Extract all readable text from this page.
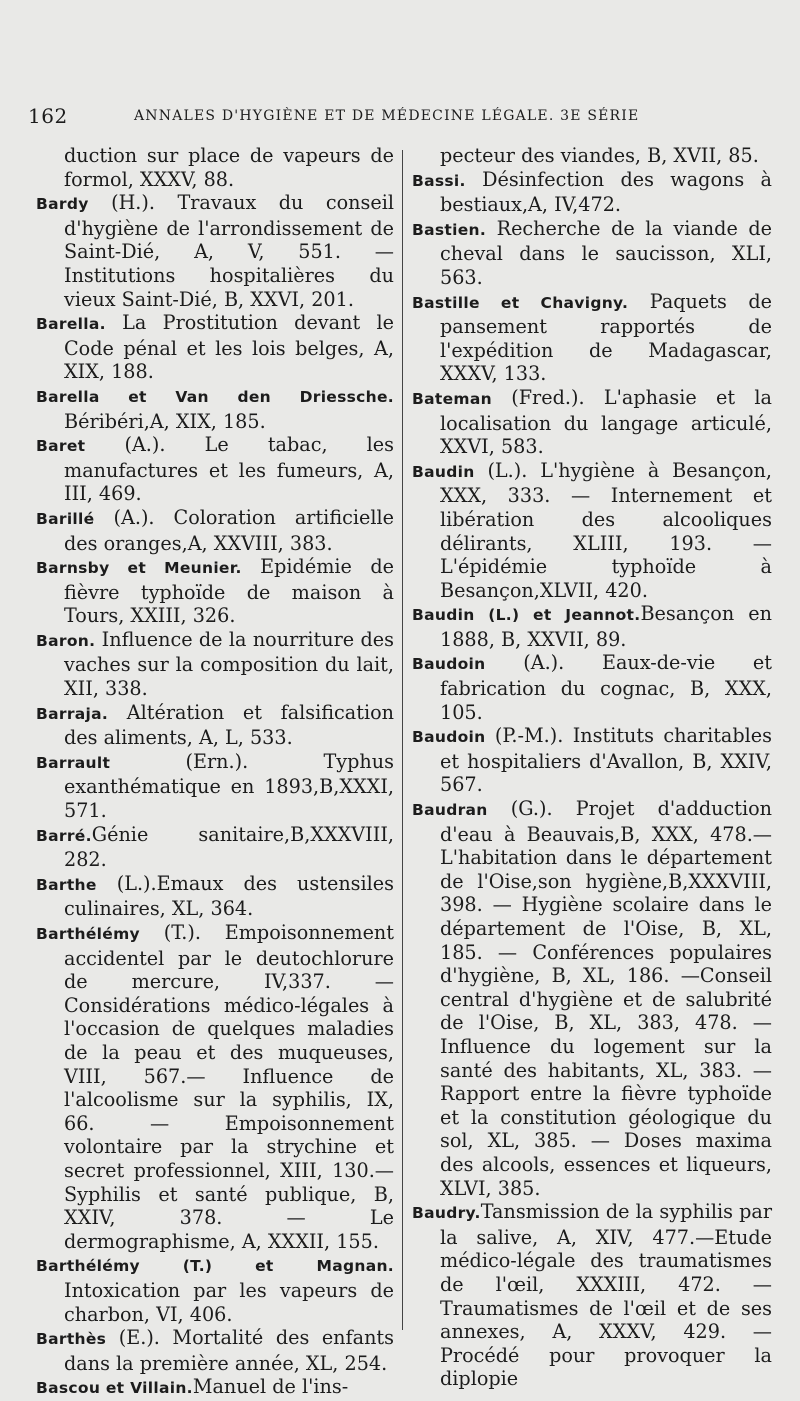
162	ANNALES D'HYGIÈNE ET DE MÉDECINE LÉGALE. 3E SÉRIE
duction sur place de vapeurs de formol, XXXV, 88.
Bardy (H.). Travaux du conseil d'hygiène de l'arrondissement de Saint-Dié, A, V, 551. — Institutions hospitalières du vieux Saint-Dié, B, XXVI, 201.
Barella. La Prostitution devant le Code pénal et les lois belges, A, XIX, 188.
Barella et Van den Driessche. Béribéri,A, XIX, 185.
Baret (A.). Le tabac, les manufactures et les fumeurs, A, III, 469.
Barillé (A.). Coloration artificielle des oranges,A, XXVIII, 383.
Barnsby et Meunier. Epidémie de fièvre typhoïde de maison à Tours, XXIII, 326.
Baron. Influence de la nourriture des vaches sur la composition du lait, XII, 338.
Barraja. Altération et falsification des aliments, A, L, 533.
Barrault (Ern.). Typhus exanthématique en 1893,B,XXXI, 571.
Barré.Génie sanitaire,B,XXXVIII, 282.
Barthe (L.).Emaux des ustensiles culinaires, XL, 364.
Barthélémy (T.). Empoisonnement accidentel par le deutochlorure de mercure, IV,337. — Considérations médico-légales à l'occasion de quelques maladies de la peau et des muqueuses, VIII, 567.— Influence de l'alcoolisme sur la syphilis, IX, 66. — Empoisonnement volontaire par la strychine et secret professionnel, XIII, 130.— Syphilis et santé publique, B, XXIV, 378. — Le dermographisme, A, XXXII, 155.
Barthélémy (T.) et Magnan. Intoxication par les vapeurs de charbon, VI, 406.
Barthès (E.). Mortalité des enfants dans la première année, XL, 254.
Bascou et Villain.Manuel de l'ins-
pecteur des viandes, B, XVII, 85.
Bassi. Désinfection des wagons à bestiaux,A, IV,472.
Bastien. Recherche de la viande de cheval dans le saucisson, XLI, 563.
Bastille et Chavigny. Paquets de pansement rapportés de l'expédition de Madagascar, XXXV, 133.
Bateman (Fred.). L'aphasie et la localisation du langage articulé, XXVI, 583.
Baudin (L.). L'hygiène à Besançon, XXX, 333. — Internement et libération des alcooliques délirants, XLIII, 193. —L'épidémie typhoïde à Besançon,XLVII, 420.
Baudin (L.) et Jeannot.Besançon en 1888, B, XXVII, 89.
Baudoin (A.). Eaux-de-vie et fabrication du cognac, B, XXX, 105.
Baudoin (P.-M.). Instituts charitables et hospitaliers d'Avallon, B, XXIV, 567.
Baudran (G.). Projet d'adduction d'eau à Beauvais,B, XXX, 478.— L'habitation dans le département de l'Oise,son hygiène,B,XXXVIII, 398. — Hygiène scolaire dans le département de l'Oise, B, XL, 185. — Conférences populaires d'hygiène, B, XL, 186. —Conseil central d'hygiène et de salubrité de l'Oise, B, XL, 383, 478. — Influence du logement sur la santé des habitants, XL, 383. — Rapport entre la fièvre typhoïde et la constitution géologique du sol, XL, 385. — Doses maxima des alcools, essences et liqueurs, XLVI, 385.
Baudry.Tansmission de la syphilis par la salive, A, XIV, 477.—Etude médico-légale des traumatismes de l'œil, XXXIII, 472. — Traumatismes de l'œil et de ses annexes, A, XXXV, 429. — Procédé pour provoquer la diplopie
